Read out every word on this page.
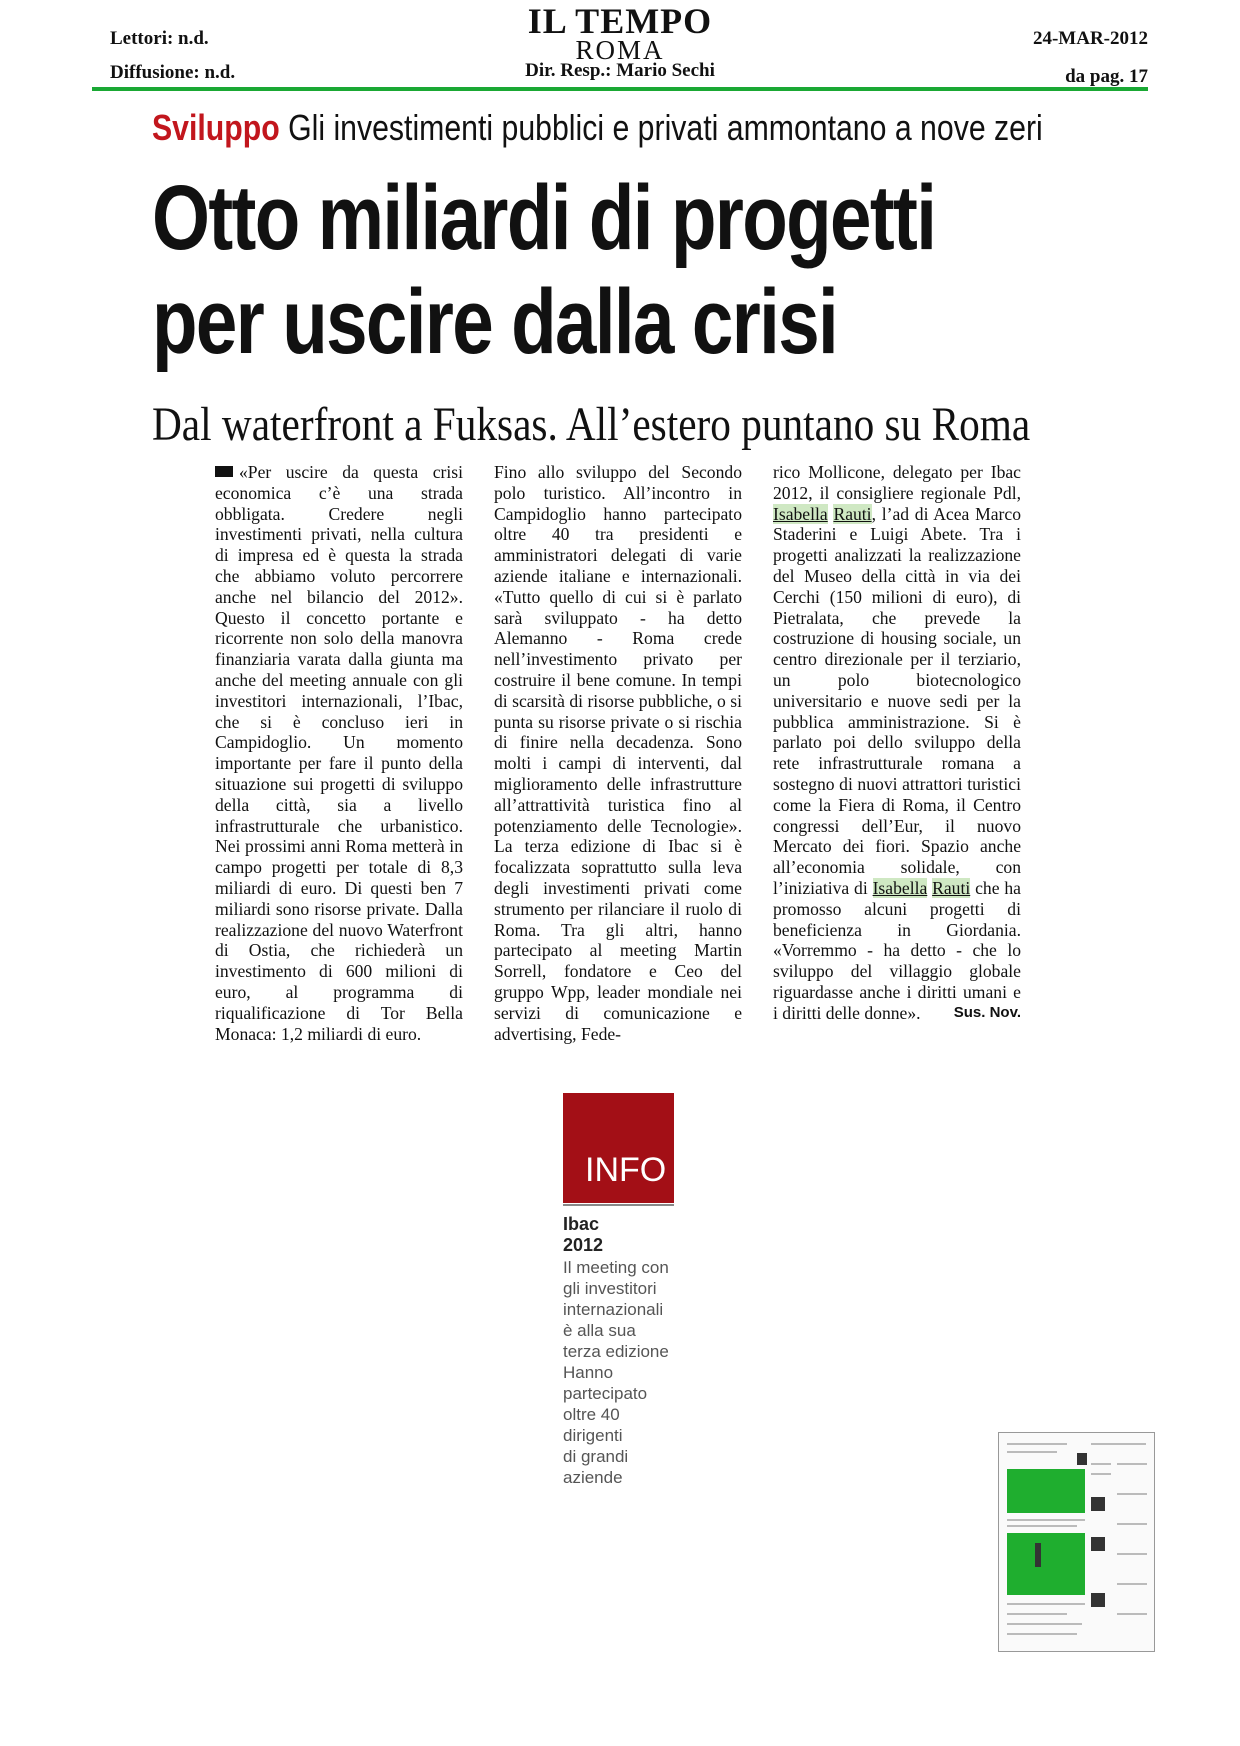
Lettori: n.d.
Diffusione: n.d.
IL TEMPO
ROMA
Dir. Resp.: Mario Sechi
24-MAR-2012
da pag. 17
Sviluppo Gli investimenti pubblici e privati ammontano a nove zeri
Otto miliardi di progetti
per uscire dalla crisi
Dal waterfront a Fuksas. All’estero puntano su Roma
«Per uscire da questa crisi economica c’è una strada obbligata. Credere negli investimenti privati, nella cultura di impresa ed è questa la strada che abbiamo voluto percorrere anche nel bilancio del 2012». Questo il concetto portante e ricorrente non solo della manovra finanziaria varata dalla giunta ma anche del meeting annuale con gli investitori internazionali, l’Ibac, che si è concluso ieri in Campidoglio. Un momento importante per fare il punto della situazione sui progetti di sviluppo della città, sia a livello infrastrutturale che urbanistico. Nei prossimi anni Roma metterà in campo progetti per totale di 8,3 miliardi di euro. Di questi ben 7 miliardi sono risorse private. Dalla realizzazione del nuovo Waterfront di Ostia, che richiederà un investimento di 600 milioni di euro, al programma di riqualificazione di Tor Bella Monaca: 1,2 miliardi di euro.
Fino allo sviluppo del Secondo polo turistico. All’incontro in Campidoglio hanno partecipato oltre 40 tra presidenti e amministratori delegati di varie aziende italiane e internazionali. «Tutto quello di cui si è parlato sarà sviluppato - ha detto Alemanno - Roma crede nell’investimento privato per costruire il bene comune. In tempi di scarsità di risorse pubbliche, o si punta su risorse private o si rischia di finire nella decadenza. Sono molti i campi di interventi, dal miglioramento delle infrastrutture all’attrattività turistica fino al potenziamento delle Tecnologie». La terza edizione di Ibac si è focalizzata soprattutto sulla leva degli investimenti privati come strumento per rilanciare il ruolo di Roma. Tra gli altri, hanno partecipato al meeting Martin Sorrell, fondatore e Ceo del gruppo Wpp, leader mondiale nei servizi di comunicazione e advertising, Fede-
rico Mollicone, delegato per Ibac 2012, il consigliere regionale Pdl, Isabella Rauti, l’ad di Acea Marco Staderini e Luigi Abete. Tra i progetti analizzati la realizzazione del Museo della città in via dei Cerchi (150 milioni di euro), di Pietralata, che prevede la costruzione di housing sociale, un centro direzionale per il terziario, un polo biotecnologico universitario e nuove sedi per la pubblica amministrazione. Si è parlato poi dello sviluppo della rete infrastrutturale romana a sostegno di nuovi attrattori turistici come la Fiera di Roma, il Centro congressi dell’Eur, il nuovo Mercato dei fiori. Spazio anche all’economia solidale, con l’iniziativa di Isabella Rauti che ha promosso alcuni progetti di beneficienza in Giordania. «Vorremmo - ha detto - che lo sviluppo del villaggio globale riguardasse anche i diritti umani e i diritti delle donne». Sus. Nov.
INFO
Ibac
2012
Il meeting con
gli investitori
internazionali
è alla sua
terza edizione
Hanno
partecipato
oltre 40
dirigenti
di grandi
aziende
